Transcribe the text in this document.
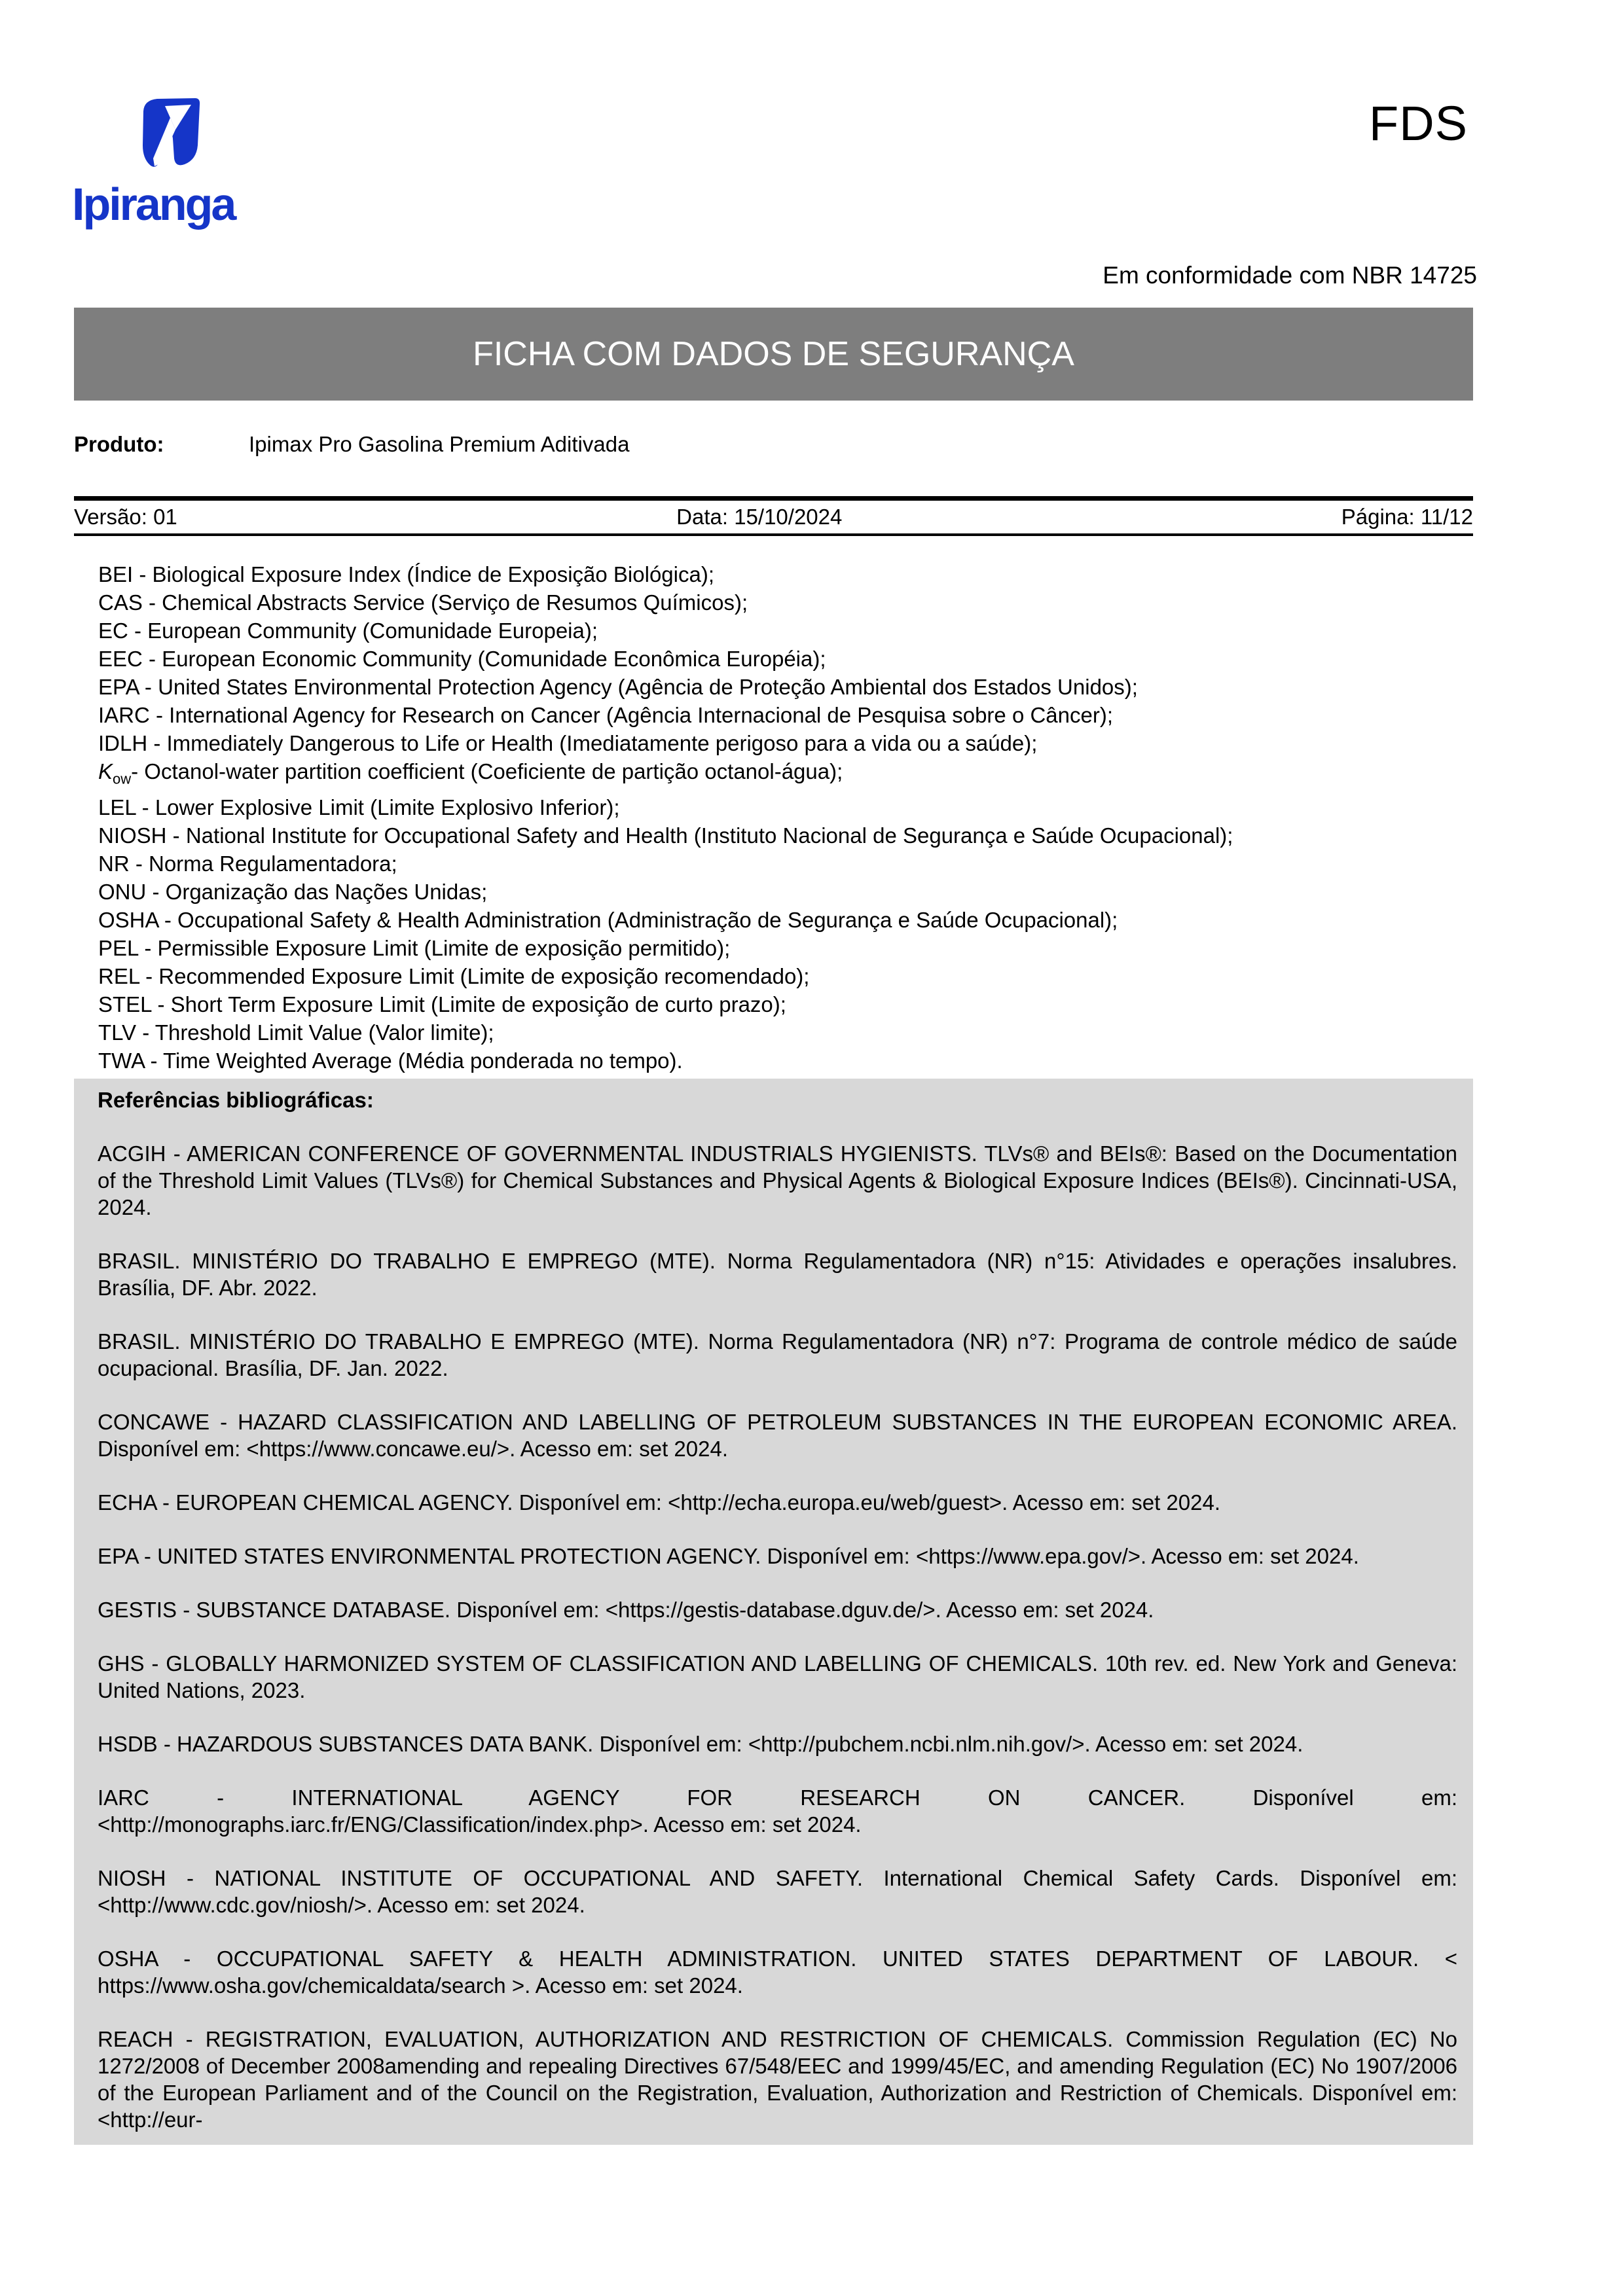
Ipiranga
FDS
Em conformidade com NBR 14725
FICHA COM DADOS DE SEGURANÇA
Produto:	Ipimax Pro Gasolina Premium Aditivada
Versão: 01	Data: 15/10/2024	Página: 11/12
BEI - Biological Exposure Index (Índice de Exposição Biológica);
CAS - Chemical Abstracts Service (Serviço de Resumos Químicos);
EC - European Community (Comunidade Europeia);
EEC - European Economic Community (Comunidade Econômica Européia);
EPA - United States Environmental Protection Agency (Agência de Proteção Ambiental dos Estados Unidos);
IARC - International Agency for Research on Cancer (Agência Internacional de Pesquisa sobre o Câncer);
IDLH - Immediately Dangerous to Life or Health (Imediatamente perigoso para a vida ou a saúde);
$K_{ow}-$ Octanol-water partition coefficient (Coeficiente de partição octanol-água);
LEL - Lower Explosive Limit (Limite Explosivo Inferior);
NIOSH - National Institute for Occupational Safety and Health (Instituto Nacional de Segurança e Saúde Ocupacional);
NR - Norma Regulamentadora;
ONU - Organização das Nações Unidas;
OSHA - Occupational Safety & Health Administration (Administração de Segurança e Saúde Ocupacional);
PEL - Permissible Exposure Limit (Limite de exposição permitido);
REL - Recommended Exposure Limit (Limite de exposição recomendado);
STEL - Short Term Exposure Limit (Limite de exposição de curto prazo);
TLV - Threshold Limit Value (Valor limite);
TWA - Time Weighted Average (Média ponderada no tempo).
Referências bibliográficas:
ACGIH - AMERICAN CONFERENCE OF GOVERNMENTAL INDUSTRIALS HYGIENISTS. TLVs® and BEIs®: Based on the Documentation of the Threshold Limit Values (TLVs®) for Chemical Substances and Physical Agents & Biological Exposure Indices (BEIs®). Cincinnati-USA, 2024.
BRASIL. MINISTÉRIO DO TRABALHO E EMPREGO (MTE). Norma Regulamentadora (NR) n°15: Atividades e operações insalubres. Brasília, DF. Abr. 2022.
BRASIL. MINISTÉRIO DO TRABALHO E EMPREGO (MTE). Norma Regulamentadora (NR) n°7: Programa de controle médico de saúde ocupacional. Brasília, DF. Jan. 2022.
CONCAWE - HAZARD CLASSIFICATION AND LABELLING OF PETROLEUM SUBSTANCES IN THE EUROPEAN ECONOMIC AREA. Disponível em: <https://www.concawe.eu/>. Acesso em: set 2024.
ECHA - EUROPEAN CHEMICAL AGENCY. Disponível em: <http://echa.europa.eu/web/guest>. Acesso em: set 2024.
EPA - UNITED STATES ENVIRONMENTAL PROTECTION AGENCY. Disponível em: <https://www.epa.gov/>. Acesso em: set 2024.
GESTIS - SUBSTANCE DATABASE. Disponível em: <https://gestis-database.dguv.de/>. Acesso em: set 2024.
GHS - GLOBALLY HARMONIZED SYSTEM OF CLASSIFICATION AND LABELLING OF CHEMICALS. 10th rev. ed. New York and Geneva: United Nations, 2023.
HSDB - HAZARDOUS SUBSTANCES DATA BANK. Disponível em: <http://pubchem.ncbi.nlm.nih.gov/>. Acesso em: set 2024.
IARC - INTERNATIONAL AGENCY FOR RESEARCH ON CANCER. Disponível em: <http://monographs.iarc.fr/ENG/Classification/index.php>. Acesso em: set 2024.
NIOSH - NATIONAL INSTITUTE OF OCCUPATIONAL AND SAFETY. International Chemical Safety Cards. Disponível em: <http://www.cdc.gov/niosh/>. Acesso em: set 2024.
OSHA - OCCUPATIONAL SAFETY & HEALTH ADMINISTRATION. UNITED STATES DEPARTMENT OF LABOUR. < https://www.osha.gov/chemicaldata/search >. Acesso em: set 2024.
REACH - REGISTRATION, EVALUATION, AUTHORIZATION AND RESTRICTION OF CHEMICALS. Commission Regulation (EC) No 1272/2008 of December 2008amending and repealing Directives 67/548/EEC and 1999/45/EC, and amending Regulation (EC) No 1907/2006 of the European Parliament and of the Council on the Registration, Evaluation, Authorization and Restriction of Chemicals. Disponível em: <http://eur-
